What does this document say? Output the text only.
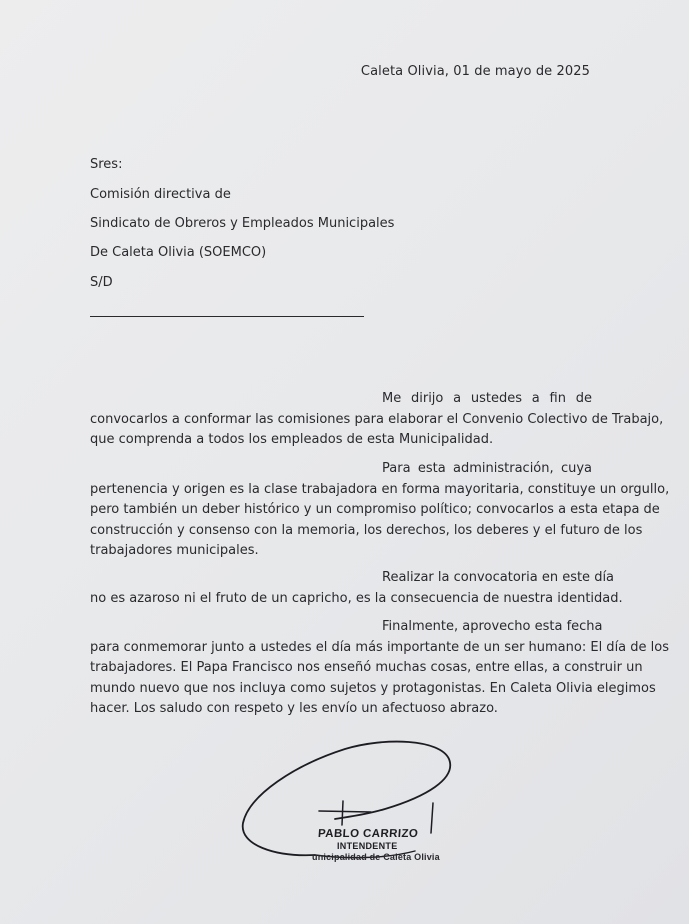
Caleta Olivia, 01 de mayo de 2025
Sres:
Comisión directiva de
Sindicato de Obreros y Empleados Municipales
De Caleta Olivia (SOEMCO)
S/D
Me dirijo a ustedes a fin de
convocarlos a conformar las comisiones para elaborar el Convenio Colectivo de Trabajo,
que comprenda a todos los empleados de esta Municipalidad.
Para esta administración, cuya
pertenencia y origen es la clase trabajadora en forma mayoritaria, constituye un orgullo,
pero también un deber histórico y un compromiso político; convocarlos a esta etapa de
construcción y consenso con la memoria, los derechos, los deberes y el futuro de los
trabajadores municipales.
Realizar la convocatoria en este día
no es azaroso ni el fruto de un capricho, es la consecuencia de nuestra identidad.
Finalmente, aprovecho esta fecha
para conmemorar junto a ustedes el día más importante de un ser humano: El día de los
trabajadores. El Papa Francisco nos enseñó muchas cosas, entre ellas, a construir un
mundo nuevo que nos incluya como sujetos y protagonistas. En Caleta Olivia elegimos
hacer. Los saludo con respeto y les envío un afectuoso abrazo.
PABLO CARRIZO
INTENDENTE
unicipalidad de Caleta Olivia
